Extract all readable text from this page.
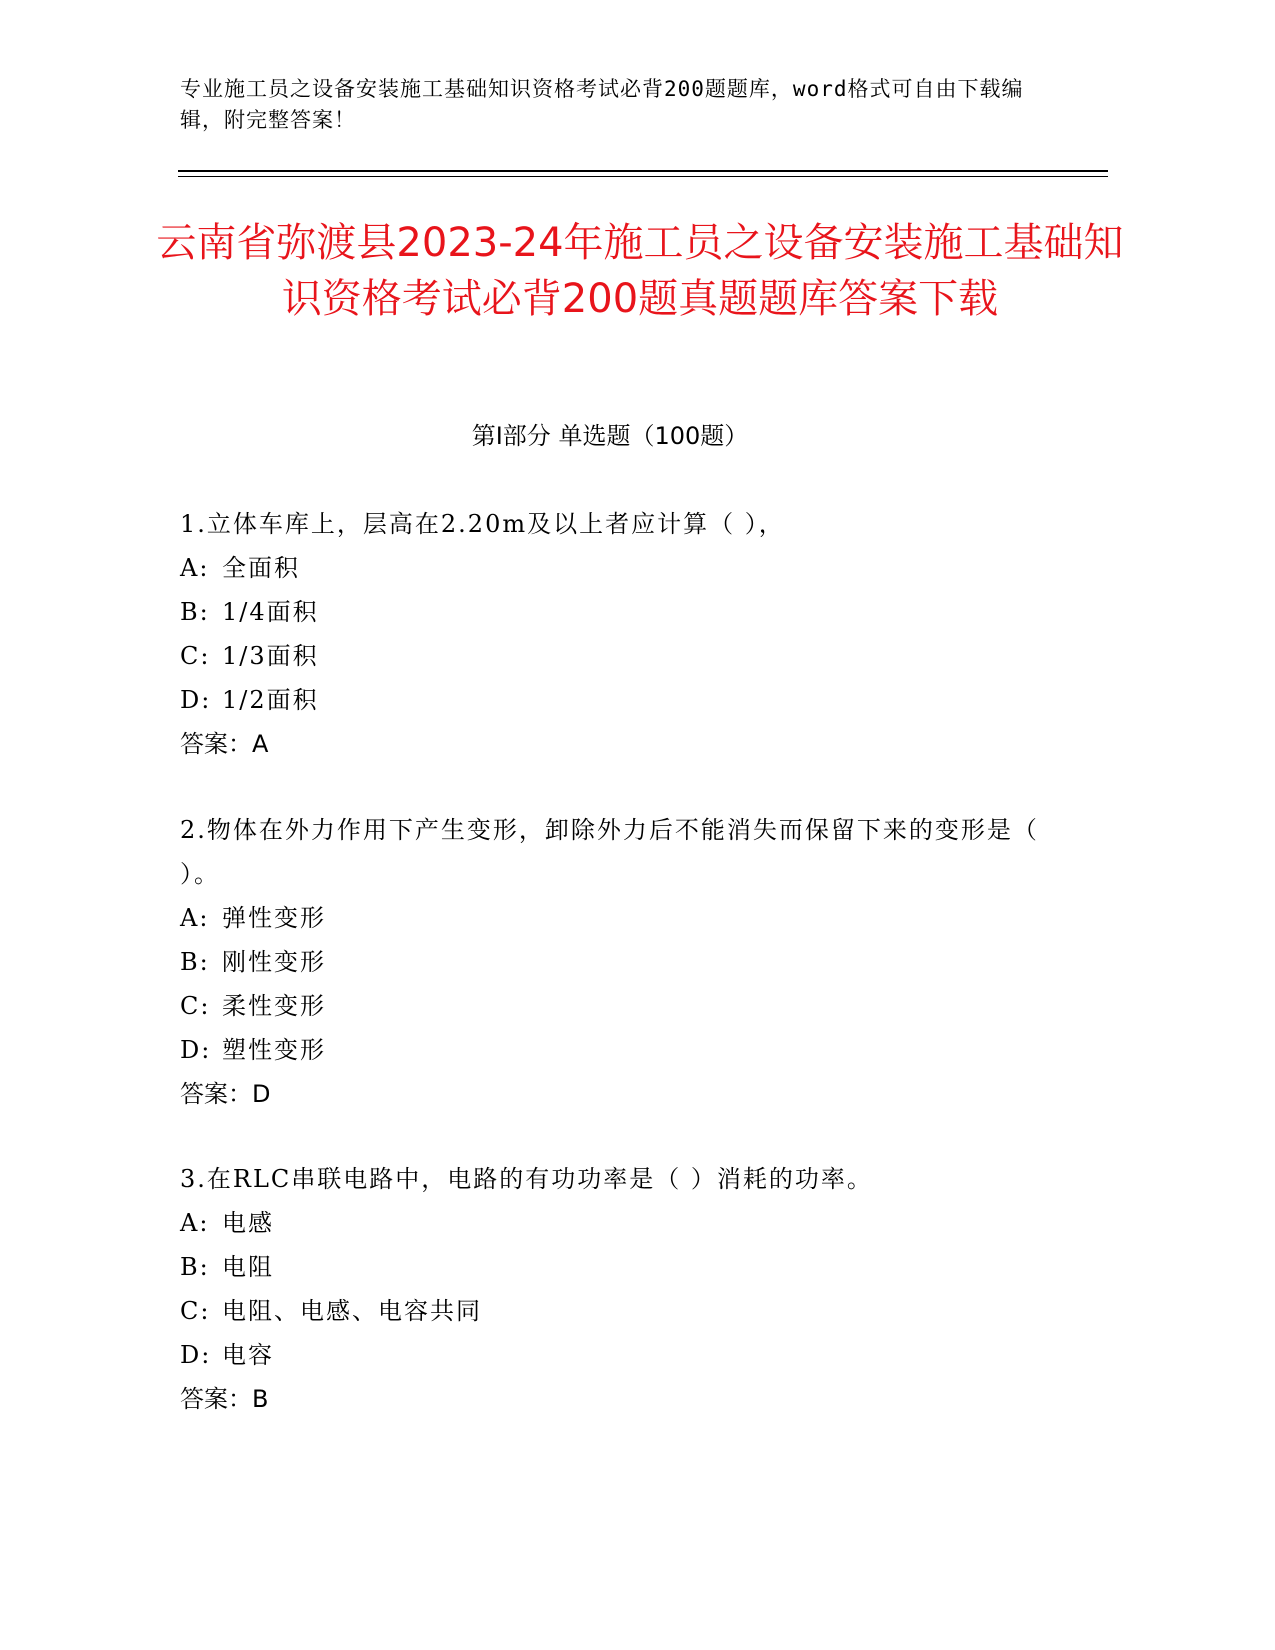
专业施工员之设备安装施工基础知识资格考试必背200题题库，word格式可自由下载编辑，附完整答案！
云南省弥渡县2023-24年施工员之设备安装施工基础知识资格考试必背200题真题题库答案下载
第I部分 单选题（100题）
1.立体车库上，层高在2.20m及以上者应计算（ ），
A: 全面积
B: 1/4面积
C: 1/3面积
D: 1/2面积
答案：A
2.物体在外力作用下产生变形，卸除外力后不能消失而保留下来的变形是（ ）。
A: 弹性变形
B: 刚性变形
C: 柔性变形
D: 塑性变形
答案：D
3.在RLC串联电路中，电路的有功功率是（ ）消耗的功率。
A: 电感
B: 电阻
C: 电阻、电感、电容共同
D: 电容
答案：B
